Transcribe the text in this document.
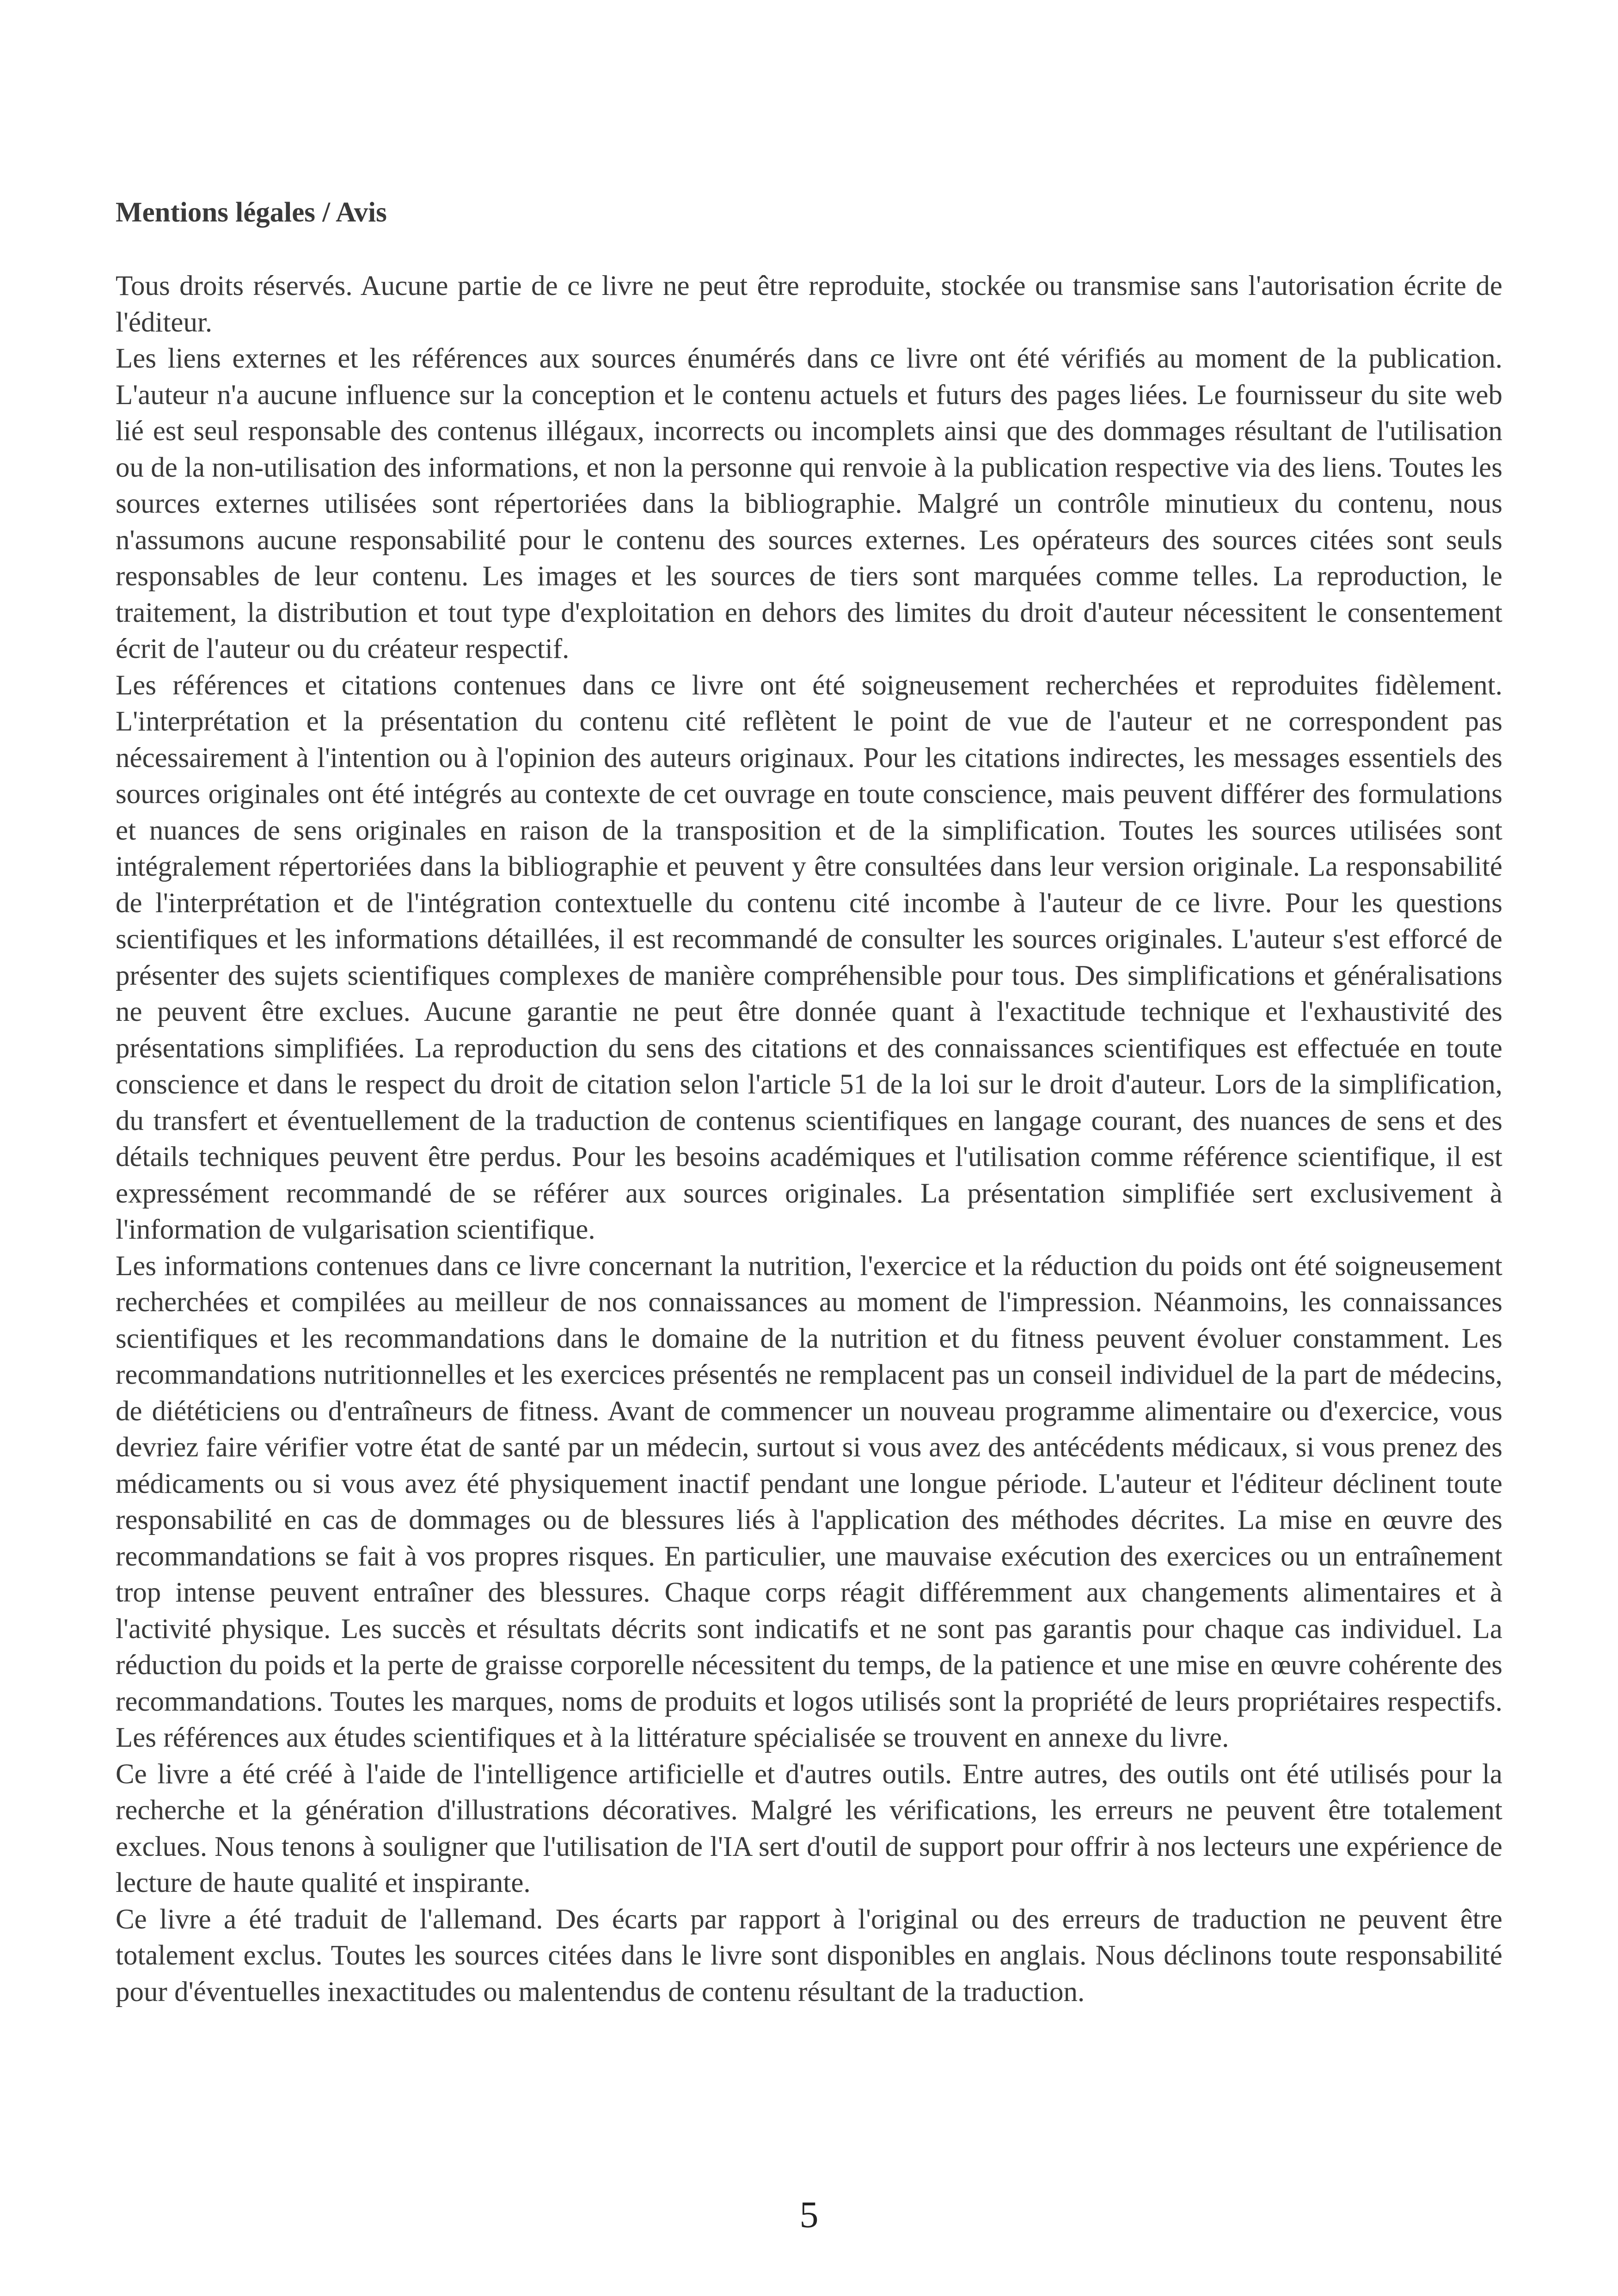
Mentions légales / Avis

Tous droits réservés. Aucune partie de ce livre ne peut être reproduite, stockée ou transmise sans l'autorisation écrite de l'éditeur.

Les liens externes et les références aux sources énumérés dans ce livre ont été vérifiés au moment de la publication. L'auteur n'a aucune influence sur la conception et le contenu actuels et futurs des pages liées. Le fournisseur du site web lié est seul responsable des contenus illégaux, incorrects ou incomplets ainsi que des dommages résultant de l'utilisation ou de la non-utilisation des informations, et non la personne qui renvoie à la publication respective via des liens. Toutes les sources externes utilisées sont répertoriées dans la bibliographie. Malgré un contrôle minutieux du contenu, nous n'assumons aucune responsabilité pour le contenu des sources externes. Les opérateurs des sources citées sont seuls responsables de leur contenu. Les images et les sources de tiers sont marquées comme telles. La reproduction, le traitement, la distribution et tout type d'exploitation en dehors des limites du droit d'auteur nécessitent le consentement écrit de l'auteur ou du créateur respectif.

Les références et citations contenues dans ce livre ont été soigneusement recherchées et reproduites fidèlement. L'interprétation et la présentation du contenu cité reflètent le point de vue de l'auteur et ne correspondent pas nécessairement à l'intention ou à l'opinion des auteurs originaux. Pour les citations indirectes, les messages essentiels des sources originales ont été intégrés au contexte de cet ouvrage en toute conscience, mais peuvent différer des formulations et nuances de sens originales en raison de la transposition et de la simplification. Toutes les sources utilisées sont intégralement répertoriées dans la bibliographie et peuvent y être consultées dans leur version originale. La responsabilité de l'interprétation et de l'intégration contextuelle du contenu cité incombe à l'auteur de ce livre. Pour les questions scientifiques et les informations détaillées, il est recommandé de consulter les sources originales. L'auteur s'est efforcé de présenter des sujets scientifiques complexes de manière compréhensible pour tous. Des simplifications et généralisations ne peuvent être exclues. Aucune garantie ne peut être donnée quant à l'exactitude technique et l'exhaustivité des présentations simplifiées. La reproduction du sens des citations et des connaissances scientifiques est effectuée en toute conscience et dans le respect du droit de citation selon l'article 51 de la loi sur le droit d'auteur. Lors de la simplification, du transfert et éventuellement de la traduction de contenus scientifiques en langage courant, des nuances de sens et des détails techniques peuvent être perdus. Pour les besoins académiques et l'utilisation comme référence scientifique, il est expressément recommandé de se référer aux sources originales. La présentation simplifiée sert exclusivement à l'information de vulgarisation scientifique.

Les informations contenues dans ce livre concernant la nutrition, l'exercice et la réduction du poids ont été soigneusement recherchées et compilées au meilleur de nos connaissances au moment de l'impression. Néanmoins, les connaissances scientifiques et les recommandations dans le domaine de la nutrition et du fitness peuvent évoluer constamment. Les recommandations nutritionnelles et les exercices présentés ne remplacent pas un conseil individuel de la part de médecins, de diététiciens ou d'entraîneurs de fitness. Avant de commencer un nouveau programme alimentaire ou d'exercice, vous devriez faire vérifier votre état de santé par un médecin, surtout si vous avez des antécédents médicaux, si vous prenez des médicaments ou si vous avez été physiquement inactif pendant une longue période. L'auteur et l'éditeur déclinent toute responsabilité en cas de dommages ou de blessures liés à l'application des méthodes décrites. La mise en œuvre des recommandations se fait à vos propres risques. En particulier, une mauvaise exécution des exercices ou un entraînement trop intense peuvent entraîner des blessures. Chaque corps réagit différemment aux changements alimentaires et à l'activité physique. Les succès et résultats décrits sont indicatifs et ne sont pas garantis pour chaque cas individuel. La réduction du poids et la perte de graisse corporelle nécessitent du temps, de la patience et une mise en œuvre cohérente des recommandations. Toutes les marques, noms de produits et logos utilisés sont la propriété de leurs propriétaires respectifs. Les références aux études scientifiques et à la littérature spécialisée se trouvent en annexe du livre.

Ce livre a été créé à l'aide de l'intelligence artificielle et d'autres outils. Entre autres, des outils ont été utilisés pour la recherche et la génération d'illustrations décoratives. Malgré les vérifications, les erreurs ne peuvent être totalement exclues. Nous tenons à souligner que l'utilisation de l'IA sert d'outil de support pour offrir à nos lecteurs une expérience de lecture de haute qualité et inspirante.

Ce livre a été traduit de l'allemand. Des écarts par rapport à l'original ou des erreurs de traduction ne peuvent être totalement exclus. Toutes les sources citées dans le livre sont disponibles en anglais. Nous déclinons toute responsabilité pour d'éventuelles inexactitudes ou malentendus de contenu résultant de la traduction.

5
